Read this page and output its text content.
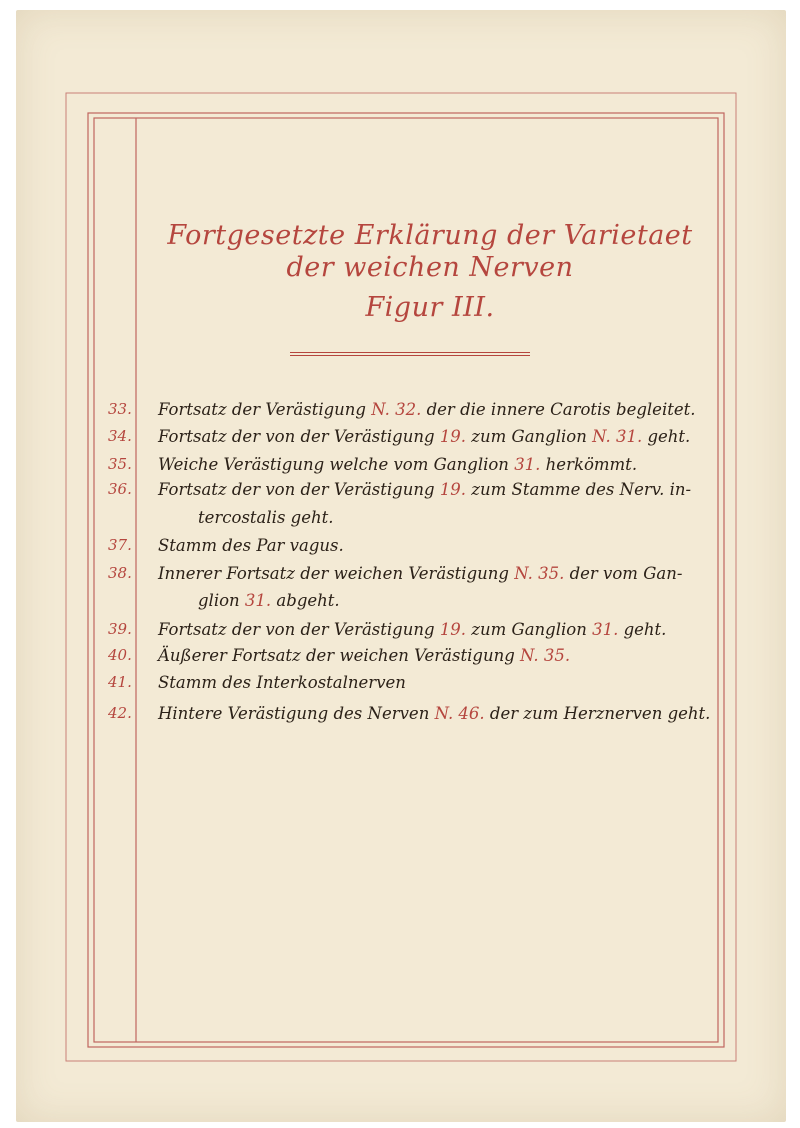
Fortgesetzte Erklärung der Varietaet
der weichen Nerven
Figur III.
33.	Fortsatz der Verästigung N. 32. der die innere Carotis begleitet.
34.	Fortsatz der von der Verästigung 19. zum Ganglion N. 31. geht.
35.	Weiche Verästigung welche vom Ganglion 31. herkömmt.
36.	Fortsatz der von der Verästigung 19. zum Stamme des Nerv. in-
tercostalis geht.
37.	Stamm des Par vagus.
38.	Innerer Fortsatz der weichen Verästigung N. 35. der vom Gan-
glion 31. abgeht.
39.	Fortsatz der von der Verästigung 19. zum Ganglion 31. geht.
40.	Äußerer Fortsatz der weichen Verästigung N. 35.
41.	Stamm des Interkostalnerven
42.	Hintere Verästigung des Nerven N. 46. der zum Herznerven geht.
